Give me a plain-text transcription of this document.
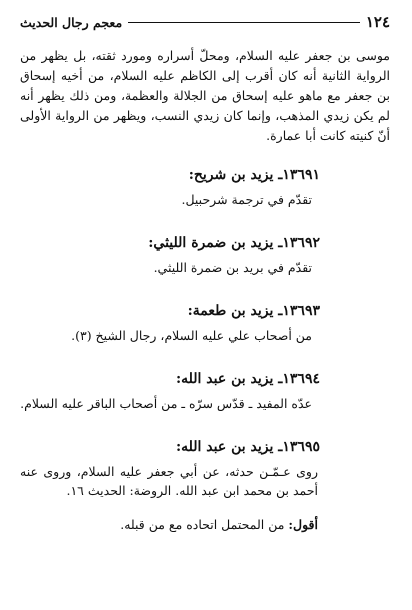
١٢٤
معجم رجال الحديث

موسى بن جعفر عليه السلام، ومحلّ أسراره ومورد ثقته، بل يظهر من الرواية الثانية أنه كان أقرب إلى الكاظم عليه السلام، من أخيه إسحاق بن جعفر مع ماهو عليه إسحاق من الجلالة والعظمة، ومن ذلك يظهر أنه لم يكن زيدي المذهب، وإنما كان زيدي النسب، ويظهر من الرواية الأولى أنّ كنيته كانت أبا عمارة.

١٣٦٩١ـ يزيد بن شريح:

تقدّم في ترجمة شرحبيل.

١٣٦٩٢ـ يزيد بن ضمرة الليثي:

تقدّم في بريد بن ضمرة الليثي.

١٣٦٩٣ـ يزيد بن طعمة:

من أصحاب علي عليه السلام، رجال الشيخ (٣).

١٣٦٩٤ـ يزيد بن عبد الله:

عدّه المفيد ـ قدّس سرّه ـ من أصحاب الباقر عليه السلام.

١٣٦٩٥ـ يزيد بن عبد الله:

روى عـمّـن حدثه، عن أبي جعفر عليه السلام، وروى عنه أحمد بن محمد ابن عبد الله. الروضة: الحديث ١٦.

أقول: من المحتمل اتحاده مع من قبله.
